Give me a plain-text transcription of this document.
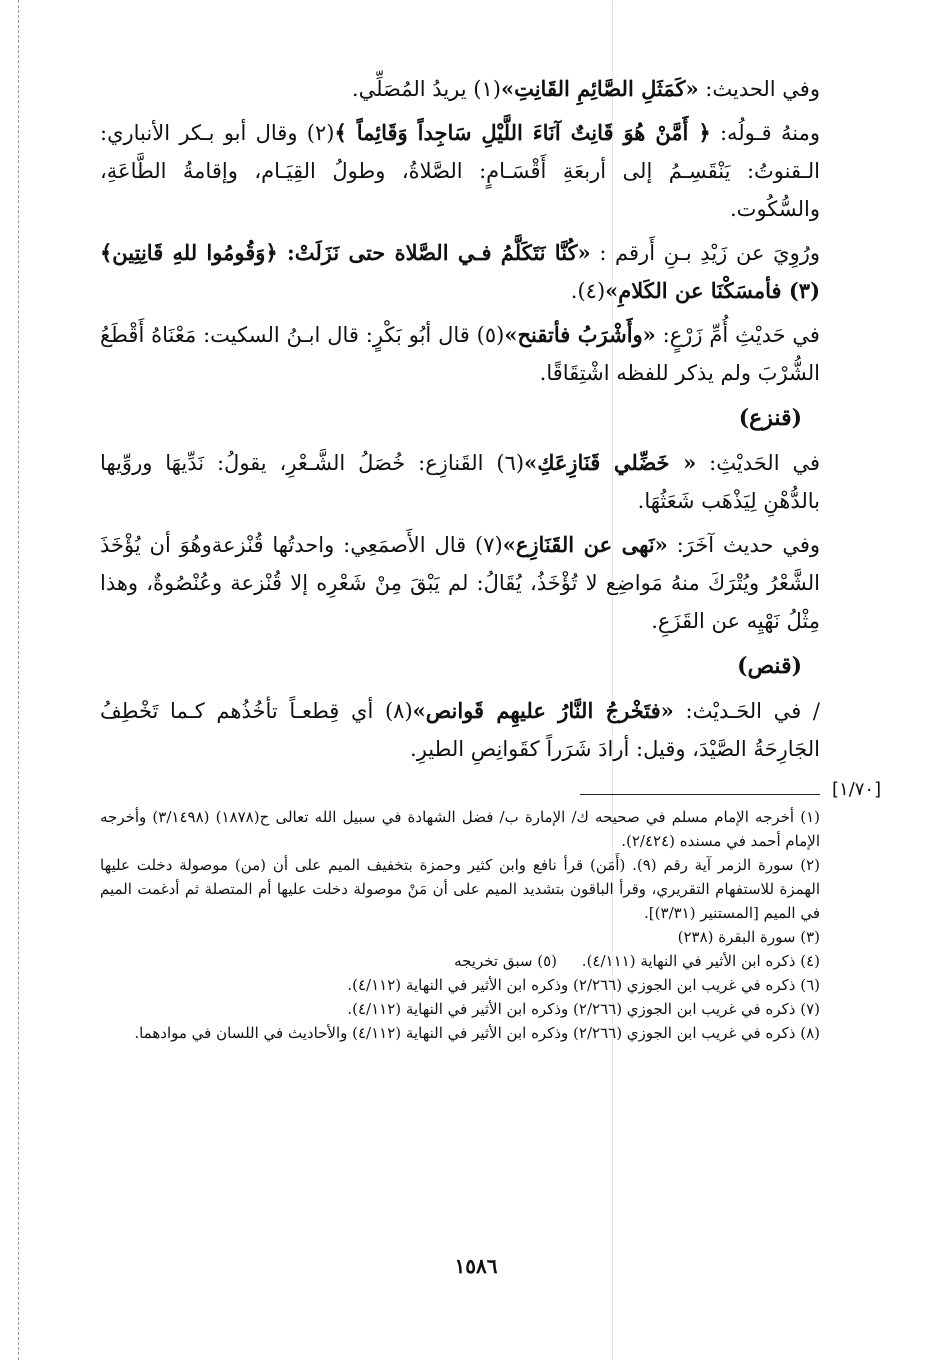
[١/٧٠]

وفي الحديث: «كَمَثَلِ الصَّائِمِ القَانِتِ»(١) يريدُ المُصَلِّي.

ومنهُ قـولُه: ﴿ أَمَّنْ هُوَ قَانِتٌ آنَاءَ اللَّيْلِ سَاجِداً وَقَائِماً ﴾(٢) وقال أبو بـكر الأنباري: الـقنوتُ: يَنْقَسِـمُ إلى أربعَةِ أَقْسَـامٍ: الصَّلاةُ، وطولُ القِيَـام، وإقامةُ الطَّاعَةِ، والسُّكُوت.

ورُوِيَ عن زَيْدِ بـنِ أَرقم : «كُنَّا نَتَكَلَّمُ فـي الصَّلاة حتى نَزَلَتْ: ﴿وَقُومُوا للهِ قَانِتِين﴾(٣) فأمسَكْنَا عن الكَلامِ»(٤).

في حَديْثِ أُمِّ زَرْعٍ: «وأَشْرَبُ فأتقنح»(٥) قال أبُو بَكْرٍ: قال ابـنُ السكيت: مَعْنَاهُ أَقْطَعُ الشُّرْبَ ولم يذكر للفظه اشْتِقَاقًا.

(قنزع)

في الحَديْثِ: « خَضِّلي قَنَازِعَكِ»(٦) القَنازِع: خُصَلُ الشَّـعْرِ، يقولُ: نَدِّيهَا وروِّيها بالدُّهْنِ لِيَذْهَب شَعَثُهَا.

وفي حديث آخَرَ: «نَهى عن القَنَازِع»(٧) قال الأَصمَعِي: واحدتُها قُنْزعةوهُوَ أن يُؤْخَذَ الشَّعْرُ ويُتْرَكَ منهُ مَواضِع لا تُؤْخَذُ، يُقَالُ: لم يَبْقَ مِنْ شَعْرِه إلا قُنْزعة وعُنْصُوةٌ، وهذا مِثْلُ نَهْيِه عن القَزَعِ.

(قنص)

/ في الحَـديْث: «فتَخْرجُ النَّارُ عليهِم قَوانص»(٨) أي قِطعـاً تأخُذُهم كـما تَخْطِفُ الجَارِحَةُ الصَّيْدَ، وقيل: أرادَ شَرَراً كقَوانِصِ الطيرِ.

(١) أخرجه الإمام مسلم في صحيحه ك/ الإمارة ب/ فضل الشهادة في سبيل الله تعالى ح(١٨٧٨) (٣/١٤٩٨) وأخرجه الإمام أحمد في مسنده (٢/٤٢٤).
(٢) سورة الزمر آية رقم (٩). (أَمَن) قرأ نافع وابن كثير وحمزة بتخفيف الميم على أن (من) موصولة دخلت عليها الهمزة للاستفهام التقريري، وقرأ الباقون بتشديد الميم على أن مَنْ موصولة دخلت عليها أم المتصلة ثم أدغمت الميم في الميم [المستنير (٣/٣١)].
(٣) سورة البقرة (٢٣٨)
(٤) ذكره ابن الأثير في النهاية (٤/١١١). (٥) سبق تخريجه
(٦) ذكره في غريب ابن الجوزي (٢/٢٦٦) وذكره ابن الأثير في النهاية (٤/١١٢).
(٧) ذكره في غريب ابن الجوزي (٢/٢٦٦) وذكره ابن الأثير في النهاية (٤/١١٢).
(٨) ذكره في غريب ابن الجوزي (٢/٢٦٦) وذكره ابن الأثير في النهاية (٤/١١٢) والأحاديث في اللسان في موادهما.
١٥٨٦
